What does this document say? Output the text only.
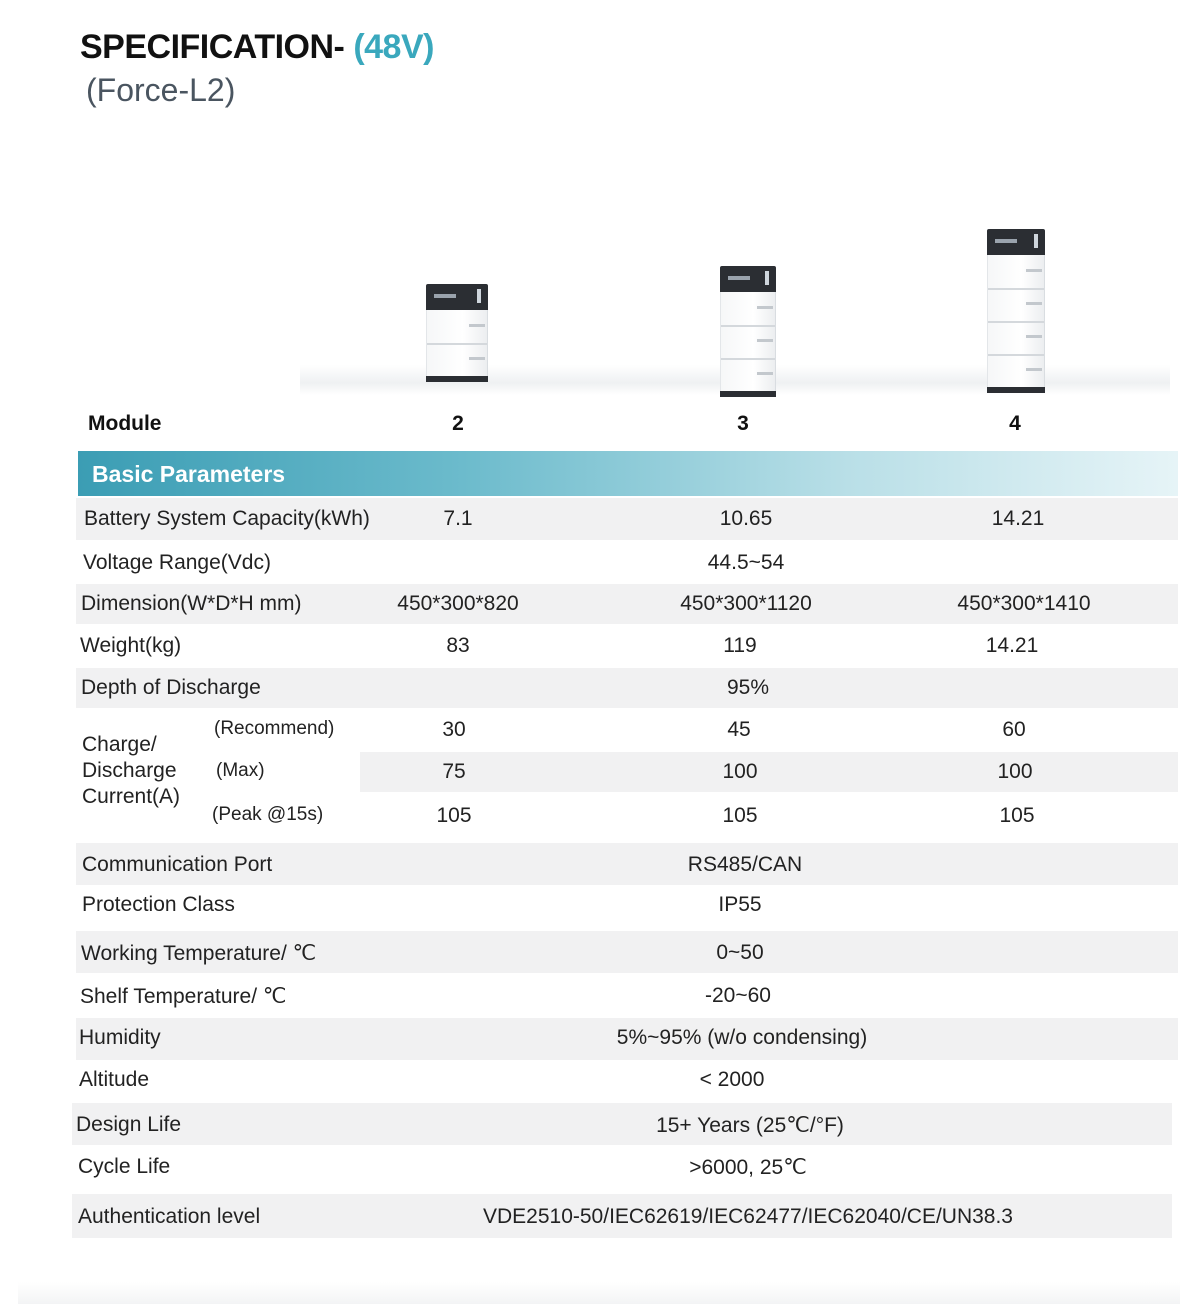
SPECIFICATION- (48V)
(Force-L2)
Module	2	3	4
Basic Parameters
Battery System Capacity(kWh)	7.1	10.65	14.21
Voltage Range(Vdc)	44.5~54
Dimension(W*D*H mm)	450*300*820	450*300*1120	450*300*1410
Weight(kg)	83	119	14.21
Depth of Discharge	95%
Charge/
Discharge
Current(A)
(Recommend)	30	45	60
(Max)	75	100	100
(Peak @15s)	105	105	105
Communication Port	RS485/CAN
Protection Class	IP55
Working Temperature/ ℃	0~50
Shelf Temperature/ ℃	-20~60
Humidity	5%~95% (w/o condensing)
Altitude	< 2000
Design Life	15+ Years (25℃/°F)
Cycle Life	>6000, 25℃
Authentication level	VDE2510-50/IEC62619/IEC62477/IEC62040/CE/UN38.3
